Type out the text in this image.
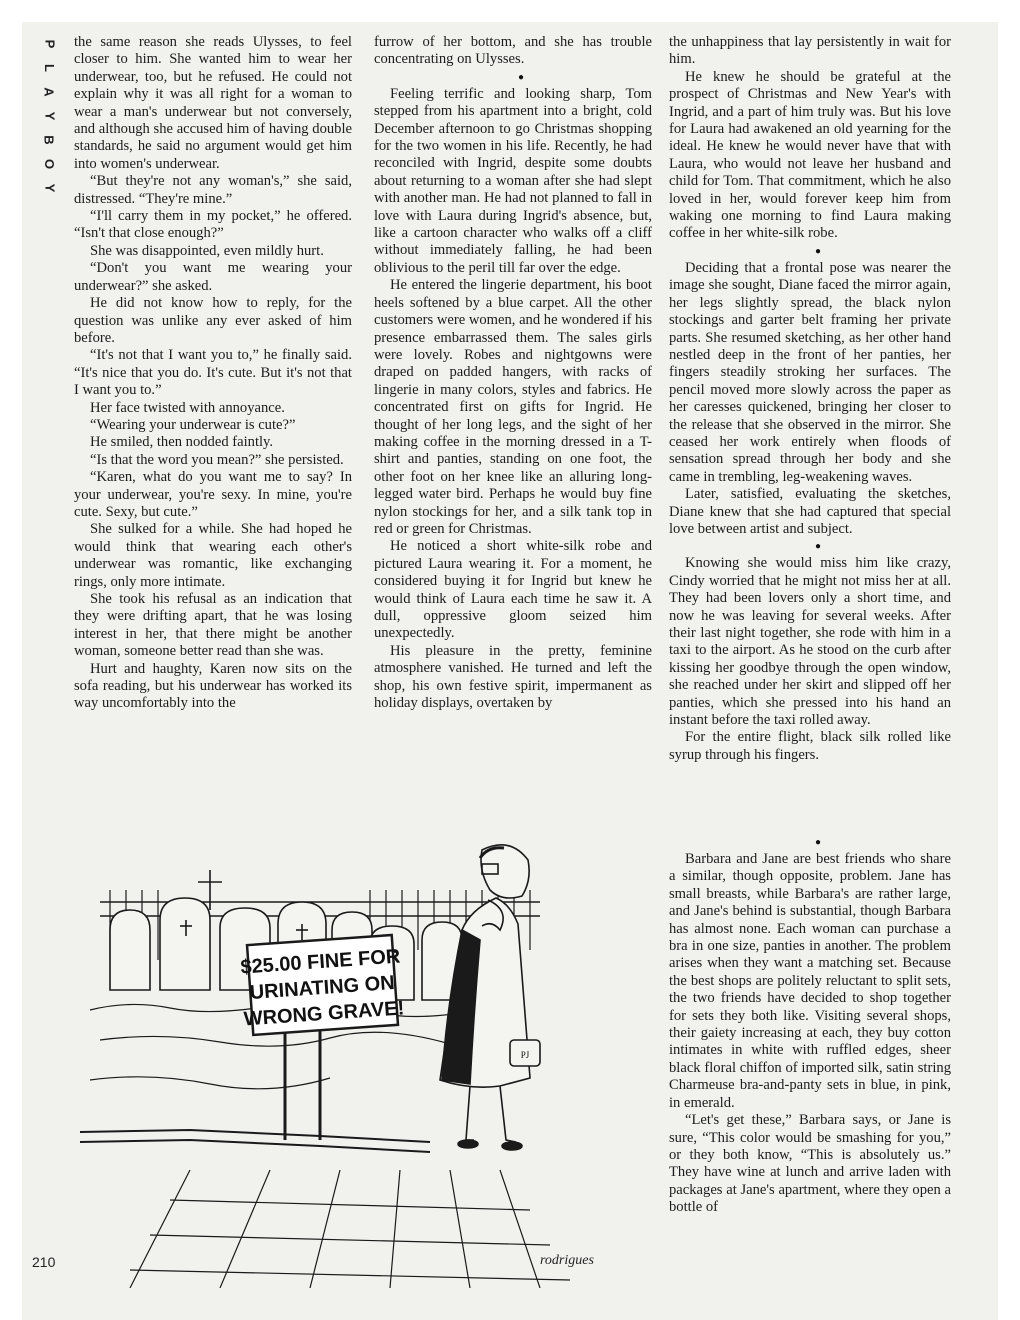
P
L
A
Y
B
O
Y

the same reason she reads Ulysses, to feel closer to him. She wanted him to wear her underwear, too, but he refused. He could not explain why it was all right for a woman to wear a man's underwear but not conversely, and although she accused him of having double standards, he said no argument would get him into women's underwear.

“But they're not any woman's,” she said, distressed. “They're mine.”

“I'll carry them in my pocket,” he offered. “Isn't that close enough?”

She was disappointed, even mildly hurt.

“Don't you want me wearing your underwear?” she asked.

He did not know how to reply, for the question was unlike any ever asked of him before.

“It's not that I want you to,” he finally said. “It's nice that you do. It's cute. But it's not that I want you to.”

Her face twisted with annoyance.

“Wearing your underwear is cute?”

He smiled, then nodded faintly.

“Is that the word you mean?” she persisted.

“Karen, what do you want me to say? In your underwear, you're sexy. In mine, you're cute. Sexy, but cute.”

She sulked for a while. She had hoped he would think that wearing each other's underwear was romantic, like exchanging rings, only more intimate.

She took his refusal as an indication that they were drifting apart, that he was losing interest in her, that there might be another woman, someone better read than she was.

Hurt and haughty, Karen now sits on the sofa reading, but his underwear has worked its way uncomfortably into the

furrow of her bottom, and she has trouble concentrating on Ulysses.

●

Feeling terrific and looking sharp, Tom stepped from his apartment into a bright, cold December afternoon to go Christmas shopping for the two women in his life. Recently, he had reconciled with Ingrid, despite some doubts about returning to a woman after she had slept with another man. He had not planned to fall in love with Laura during Ingrid's absence, but, like a cartoon character who walks off a cliff without immediately falling, he had been oblivious to the peril till far over the edge.

He entered the lingerie department, his boot heels softened by a blue carpet. All the other customers were women, and he wondered if his presence embarrassed them. The sales girls were lovely. Robes and nightgowns were draped on padded hangers, with racks of lingerie in many colors, styles and fabrics. He concentrated first on gifts for Ingrid. He thought of her long legs, and the sight of her making coffee in the morning dressed in a T-shirt and panties, standing on one foot, the other foot on her knee like an alluring long-legged water bird. Perhaps he would buy fine nylon stockings for her, and a silk tank top in red or green for Christmas.

He noticed a short white-silk robe and pictured Laura wearing it. For a moment, he considered buying it for Ingrid but knew he would think of Laura each time he saw it. A dull, oppressive gloom seized him unexpectedly.

His pleasure in the pretty, feminine atmosphere vanished. He turned and left the shop, his own festive spirit, impermanent as holiday displays, overtaken by

the unhappiness that lay persistently in wait for him.

He knew he should be grateful at the prospect of Christmas and New Year's with Ingrid, and a part of him truly was. But his love for Laura had awakened an old yearning for the ideal. He knew he would never have that with Laura, who would not leave her husband and child for Tom. That commitment, which he also loved in her, would forever keep him from waking one morning to find Laura making coffee in her white-silk robe.

●

Deciding that a frontal pose was nearer the image she sought, Diane faced the mirror again, her legs slightly spread, the black nylon stockings and garter belt framing her private parts. She resumed sketching, as her other hand nestled deep in the front of her panties, her fingers steadily stroking her surfaces. The pencil moved more slowly across the paper as her caresses quickened, bringing her closer to the release that she observed in the mirror. She ceased her work entirely when floods of sensation spread through her body and she came in trembling, leg-weakening waves.

Later, satisfied, evaluating the sketches, Diane knew that she had captured that special love between artist and subject.

●

Knowing she would miss him like crazy, Cindy worried that he might not miss her at all. They had been lovers only a short time, and now he was leaving for several weeks. After their last night together, she rode with him in a taxi to the airport. As he stood on the curb after kissing her goodbye through the open window, she reached under her skirt and slipped off her panties, which she pressed into his hand an instant before the taxi rolled away.

For the entire flight, black silk rolled like syrup through his fingers.

●

Barbara and Jane are best friends who share a similar, though opposite, problem. Jane has small breasts, while Barbara's are rather large, and Jane's behind is substantial, though Barbara has almost none. Each woman can purchase a bra in one size, panties in another. The problem arises when they want a matching set. Because the best shops are politely reluctant to split sets, the two friends have decided to shop together for sets they both like. Visiting several shops, their gaiety increasing at each, they buy cotton intimates in white with ruffled edges, sheer black floral chiffon of imported silk, satin string Charmeuse bra-and-panty sets in blue, in pink, in emerald.

“Let's get these,” Barbara says, or Jane is sure, “This color would be smashing for you,” or they both know, “This is absolutely us.” They have wine at lunch and arrive laden with packages at Jane's apartment, where they open a bottle of

$25.00 FINE FOR
URINATING ON
WRONG GRAVE!
PJ
rodrigues
210
